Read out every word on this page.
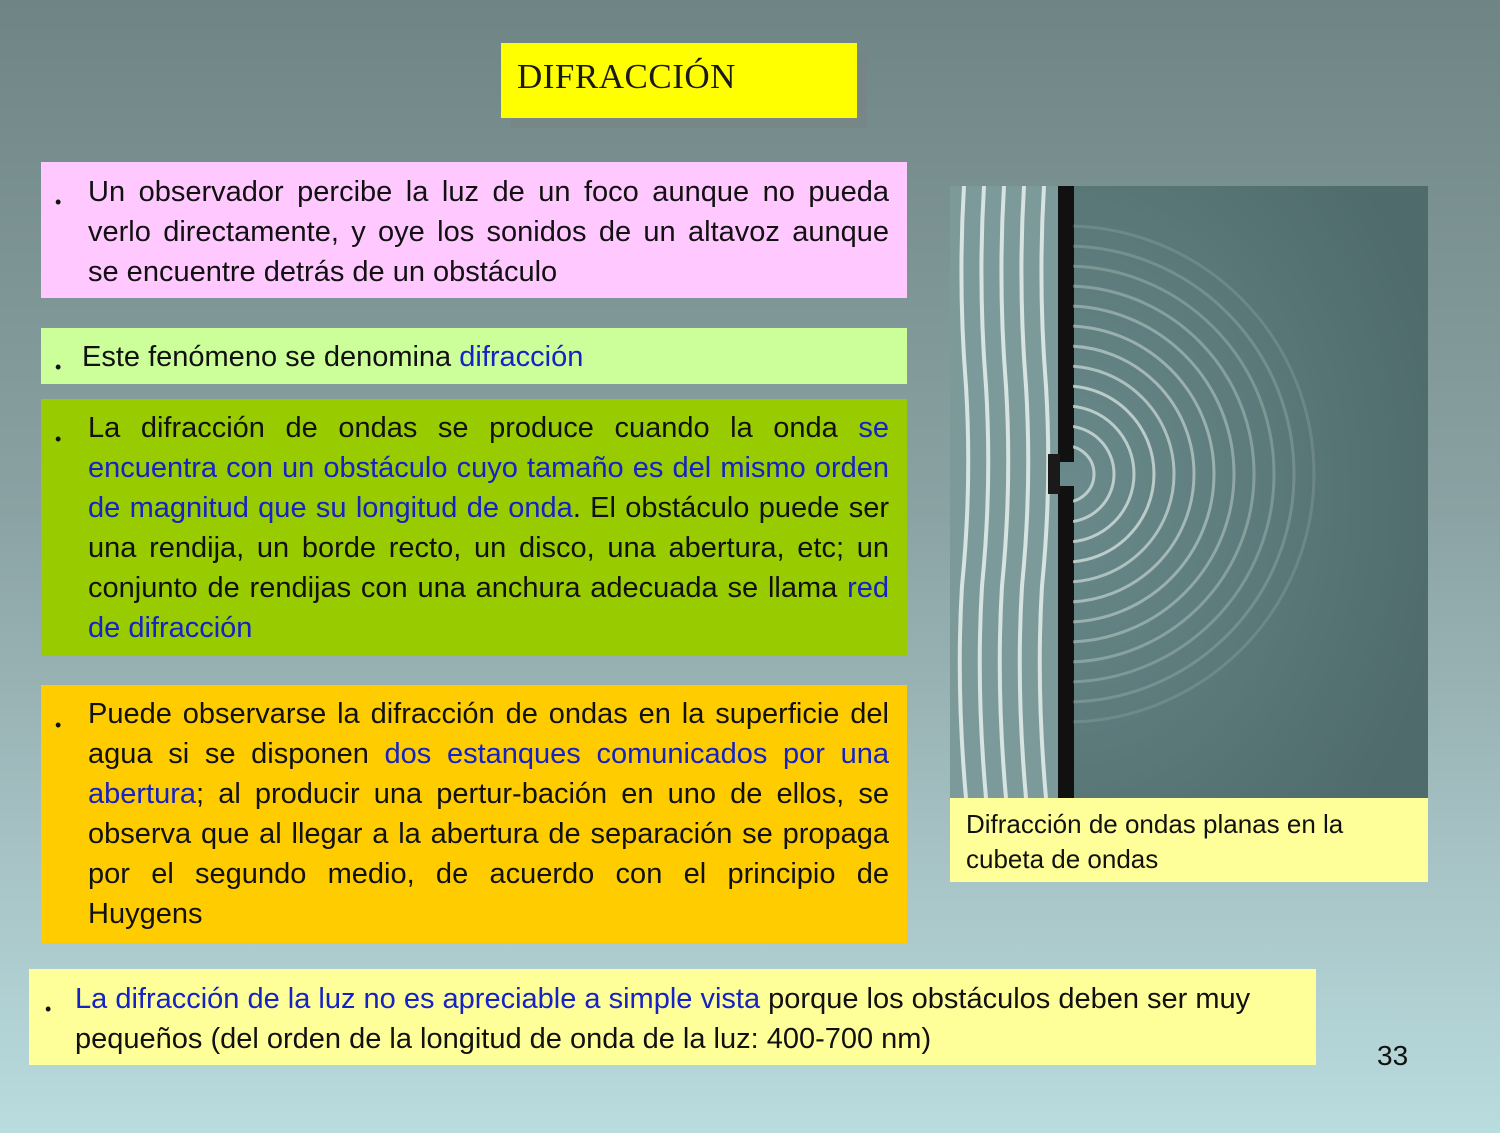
DIFRACCIÓN
• Un observador percibe la luz de un foco aunque no pueda verlo directamente, y oye los sonidos de un altavoz aunque se encuentre detrás de un obstáculo
• Este fenómeno se denomina difracción
• La difracción de ondas se produce cuando la onda se encuentra con un obstáculo cuyo tamaño es del mismo orden de magnitud que su longitud de onda. El obstáculo puede ser una rendija, un borde recto, un disco, una abertura, etc; un conjunto de rendijas con una anchura adecuada se llama red de difracción
• Puede observarse la difracción de ondas en la superficie del agua si se disponen dos estanques comunicados por una abertura; al producir una pertur-bación en uno de ellos, se observa que al llegar a la abertura de separación se propaga por el segundo medio, de acuerdo con el principio de Huygens
• La difracción de la luz no es apreciable a simple vista porque los obstáculos deben ser muy pequeños (del orden de la longitud de onda de la luz: 400-700 nm)
Difracción de ondas planas en la cubeta de ondas
33
